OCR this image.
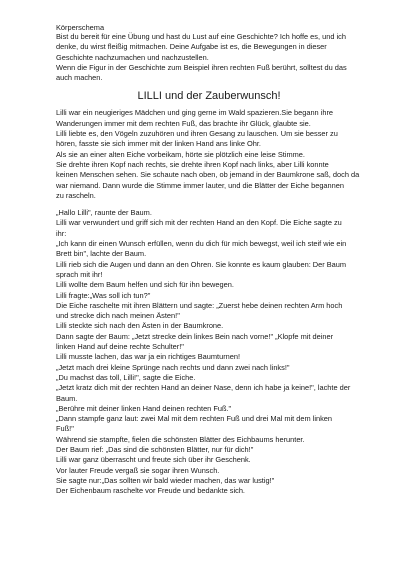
Körperschema

Bist du bereit für eine Übung und hast du Lust auf eine Geschichte? Ich hoffe es, und ich

denke, du wirst fleißig mitmachen. Deine Aufgabe ist es, die Bewegungen in dieser

Geschichte nachzumachen und nachzustellen.

Wenn die Figur in der Geschichte zum Beispiel ihren rechten Fuß berührt, solltest du das

auch machen.

LILLI und der Zauberwunsch!

Lilli war ein neugieriges Mädchen und ging gerne im Wald spazieren.Sie begann ihre

Wanderungen immer mit dem rechten Fuß, das brachte ihr Glück, glaubte sie.

Lilli liebte es, den Vögeln zuzuhören und ihren Gesang zu lauschen. Um sie besser zu

hören, fasste sie sich immer mit der linken Hand ans linke Ohr.

Als sie an einer alten Eiche vorbeikam, hörte sie plötzlich eine leise Stimme.

Sie drehte ihren Kopf nach rechts, sie drehte ihren Kopf nach links, aber Lilli konnte

keinen Menschen sehen. Sie schaute nach oben, ob jemand in der Baumkrone saß, doch da

war niemand. Dann wurde die Stimme immer lauter, und die Blätter der Eiche begannen

zu rascheln.

„Hallo Lilli", raunte der Baum.

Lilli war verwundert und griff sich mit der rechten Hand an den Kopf. Die Eiche sagte zu

ihr:

„Ich kann dir einen Wunsch erfüllen, wenn du dich für mich bewegst, weil ich steif wie ein

Brett bin", lachte der Baum.

Lilli rieb sich die Augen und dann an den Ohren. Sie konnte es kaum glauben: Der Baum

sprach mit ihr!

Lilli wollte dem Baum helfen und sich für ihn bewegen.

Lilli fragte:„Was soll ich tun?"

Die Eiche raschelte mit ihren Blättern und sagte: „Zuerst hebe deinen rechten Arm hoch

und strecke dich nach meinen Ästen!"

Lilli steckte sich nach den Ästen in der Baumkrone.

Dann sagte der Baum: „Jetzt strecke dein linkes Bein nach vorne!" „Klopfe mit deiner

linken Hand auf deine rechte Schulter!"

Lilli musste lachen, das war ja ein richtiges Baumturnen!

„Jetzt mach drei kleine Sprünge nach rechts und dann zwei nach links!"

„Du machst das toll, Lilli!", sagte die Eiche.

„Jetzt kratz dich mit der rechten Hand an deiner Nase, denn ich habe ja keine!", lachte der

Baum.

„Berühre mit deiner linken Hand deinen rechten Fuß."

„Dann stampfe ganz laut: zwei Mal mit dem rechten Fuß und drei Mal mit dem linken

Fuß!"

Während sie stampfte, fielen die schönsten Blätter des Eichbaums herunter.

Der Baum rief: „Das sind die schönsten Blätter, nur für dich!"

Lilli war ganz überrascht und freute sich über ihr Geschenk.

Vor lauter Freude vergaß sie sogar ihren Wunsch.

Sie sagte nur:„Das sollten wir bald wieder machen, das war lustig!"

Der Eichenbaum raschelte vor Freude und bedankte sich.
